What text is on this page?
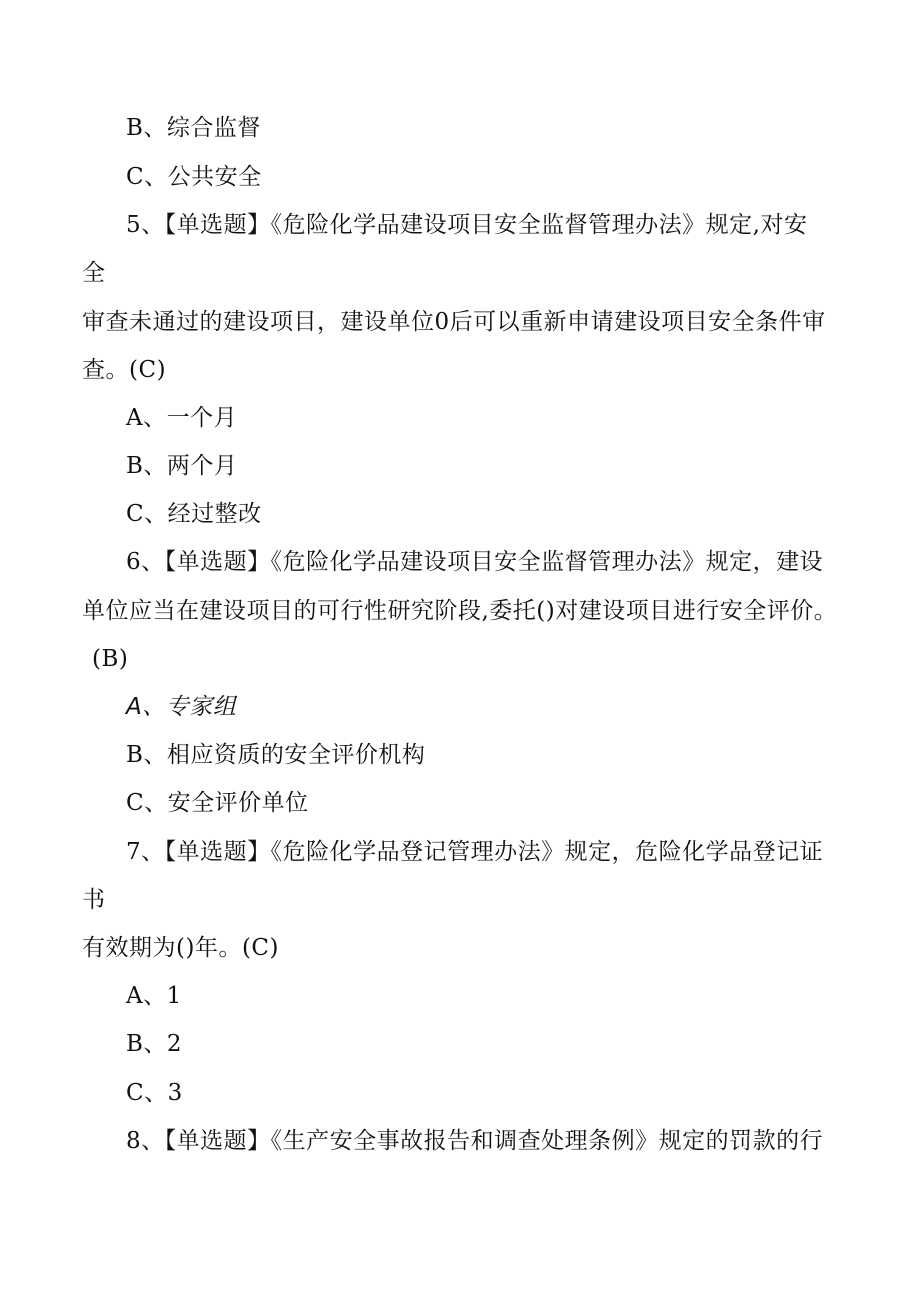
B、综合监督
C、公共安全
5、【单选题】《危险化学品建设项目安全监督管理办法》规定,对安
全
审查未通过的建设项目，建设单位0后可以重新申请建设项目安全条件审
查。(C)
A、一个月
B、两个月
C、经过整改
6、【单选题】《危险化学品建设项目安全监督管理办法》规定，建设
单位应当在建设项目的可行性研究阶段,委托()对建设项目进行安全评价。
(B)
A、专家组
B、相应资质的安全评价机构
C、安全评价单位
7、【单选题】《危险化学品登记管理办法》规定，危险化学品登记证
书
有效期为()年。(C)
A、1
B、2
C、3
8、【单选题】《生产安全事故报告和调查处理条例》规定的罚款的行
